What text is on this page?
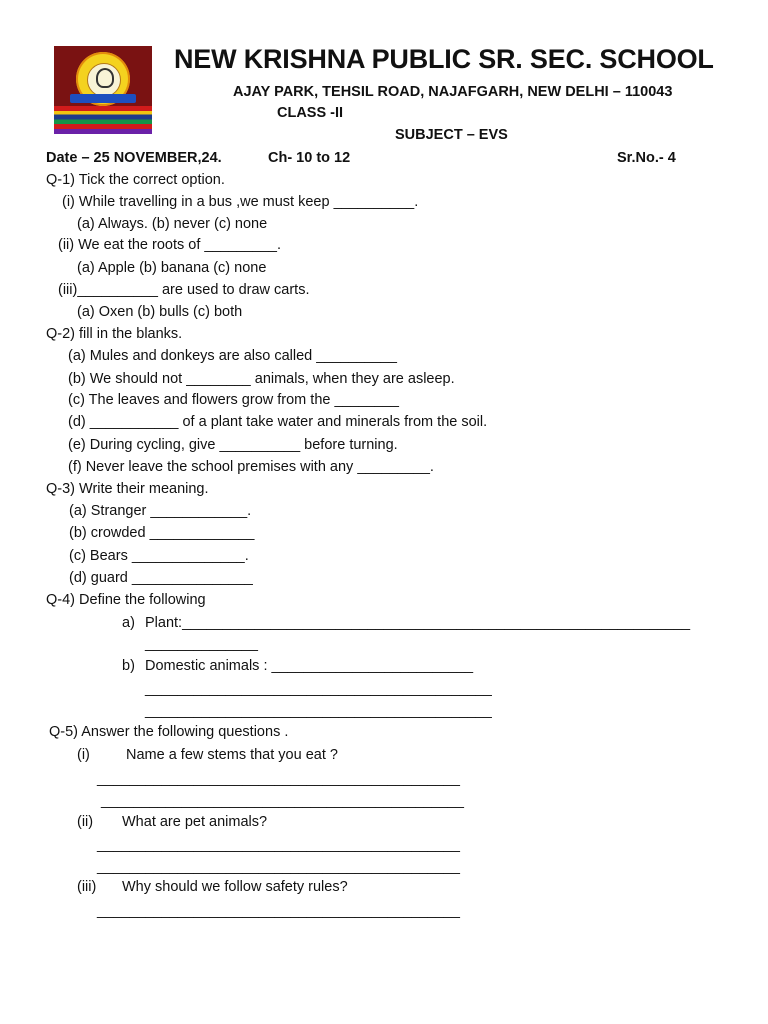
NEW KRISHNA PUBLIC SR. SEC. SCHOOL
AJAY PARK, TEHSIL ROAD, NAJAFGARH, NEW DELHI – 110043
CLASS -II
SUBJECT – EVS
Date – 25 NOVEMBER,24.	Ch- 10 to 12	Sr.No.- 4
Q-1) Tick the correct option.
(i) While travelling in a bus ,we must keep __________.
(a) Always. (b) never (c) none
(ii) We eat the roots of _________.
(a) Apple (b) banana (c) none
(iii)__________ are used to draw carts.
(a) Oxen (b) bulls (c) both
Q-2) fill in the blanks.
(a) Mules and donkeys are also called __________
(b) We should not ________ animals, when they are asleep.
(c) The leaves and flowers grow from the ________
(d) ___________ of a plant take water and minerals from the soil.
(e) During cycling, give __________ before turning.
(f) Never leave the school premises with any _________.
Q-3) Write their meaning.
(a) Stranger ____________.
(b) crowded _____________
(c) Bears ______________.
(d) guard _______________
Q-4) Define the following
a) Plant:_______________________________________________________________
______________
b) Domestic animals : _________________________
___________________________________________
___________________________________________
Q-5) Answer the following questions .
(i) Name a few stems that you eat ?
_____________________________________________
_____________________________________________
(ii) What are pet animals?
_____________________________________________
_____________________________________________
(iii) Why should we follow safety rules?
_____________________________________________
